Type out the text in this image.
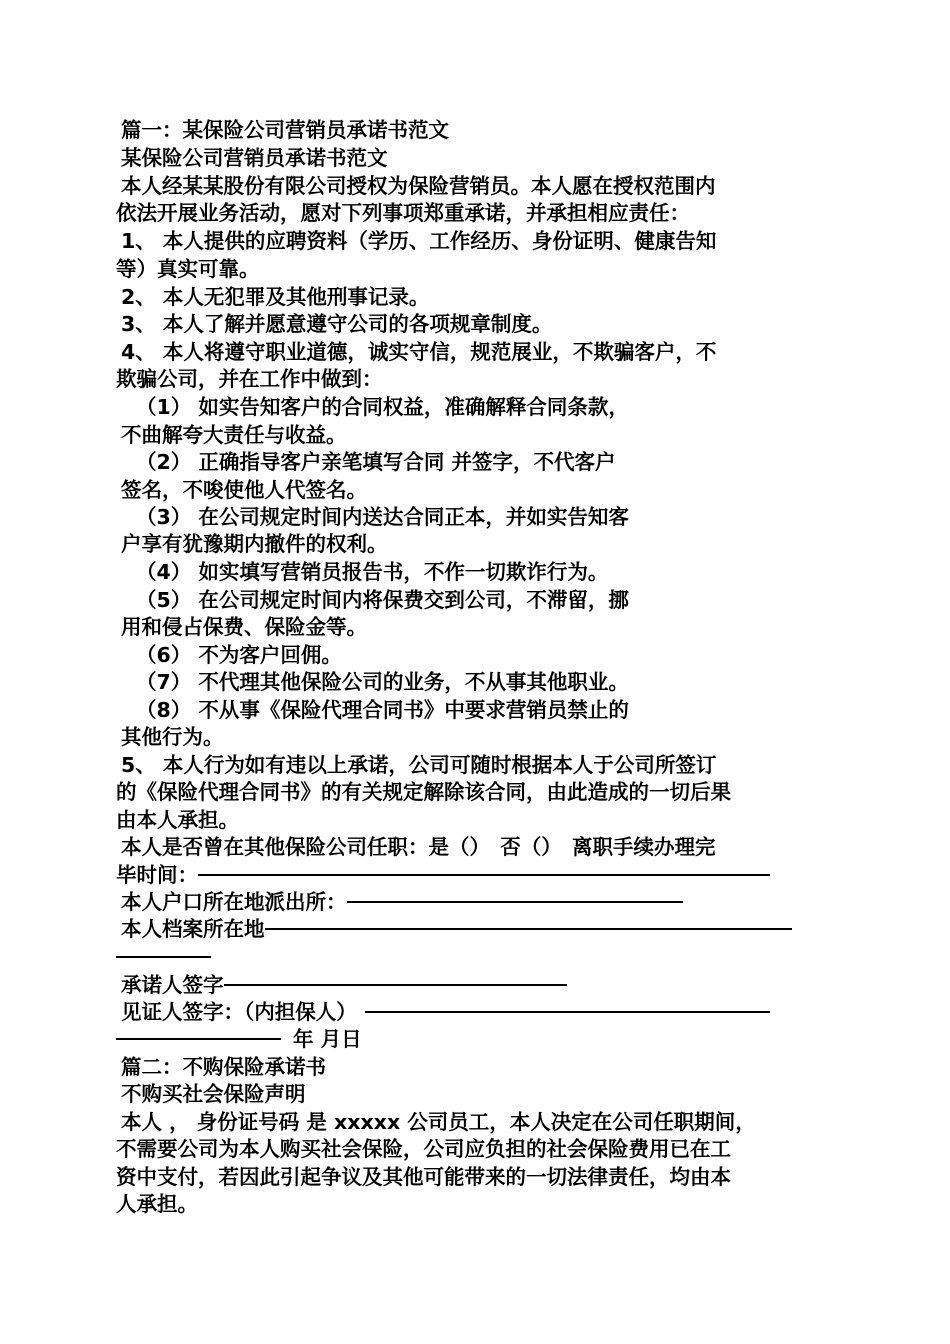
篇一：某保险公司营销员承诺书范文
某保险公司营销员承诺书范文
本人经某某股份有限公司授权为保险营销员。本人愿在授权范围内
依法开展业务活动，愿对下列事项郑重承诺，并承担相应责任：
1、 本人提供的应聘资料（学历、工作经历、身份证明、健康告知
等）真实可靠。
2、 本人无犯罪及其他刑事记录。
3、 本人了解并愿意遵守公司的各项规章制度。
4、 本人将遵守职业道德，诚实守信，规范展业，不欺骗客户，不
欺骗公司，并在工作中做到：
（1） 如实告知客户的合同权益，准确解释合同条款，
不曲解夸大责任与收益。
（2） 正确指导客户亲笔填写合同 并签字，不代客户
签名，不唆使他人代签名。
（3） 在公司规定时间内送达合同正本，并如实告知客
户享有犹豫期内撤件的权利。
（4） 如实填写营销员报告书，不作一切欺诈行为。
（5） 在公司规定时间内将保费交到公司，不滞留，挪
用和侵占保费、保险金等。
（6） 不为客户回佣。
（7） 不代理其他保险公司的业务，不从事其他职业。
（8） 不从事《保险代理合同书》中要求营销员禁止的
其他行为。
5、 本人行为如有违以上承诺，公司可随时根据本人于公司所签订
的《保险代理合同书》的有关规定解除该合同，由此造成的一切后果
由本人承担。
本人是否曾在其他保险公司任职：是（）　否（）　离职手续办理完
毕时间：
本人户口所在地派出所：
本人档案所在地
承诺人签字
见证人签字：（内担保人）
年 月日
篇二：不购保险承诺书
不购买社会保险声明
本人 ， 身份证号码 是 xxxxx 公司员工，本人决定在公司任职期间，
不需要公司为本人购买社会保险，公司应负担的社会保险费用已在工
资中支付，若因此引起争议及其他可能带来的一切法律责任，均由本
人承担。
